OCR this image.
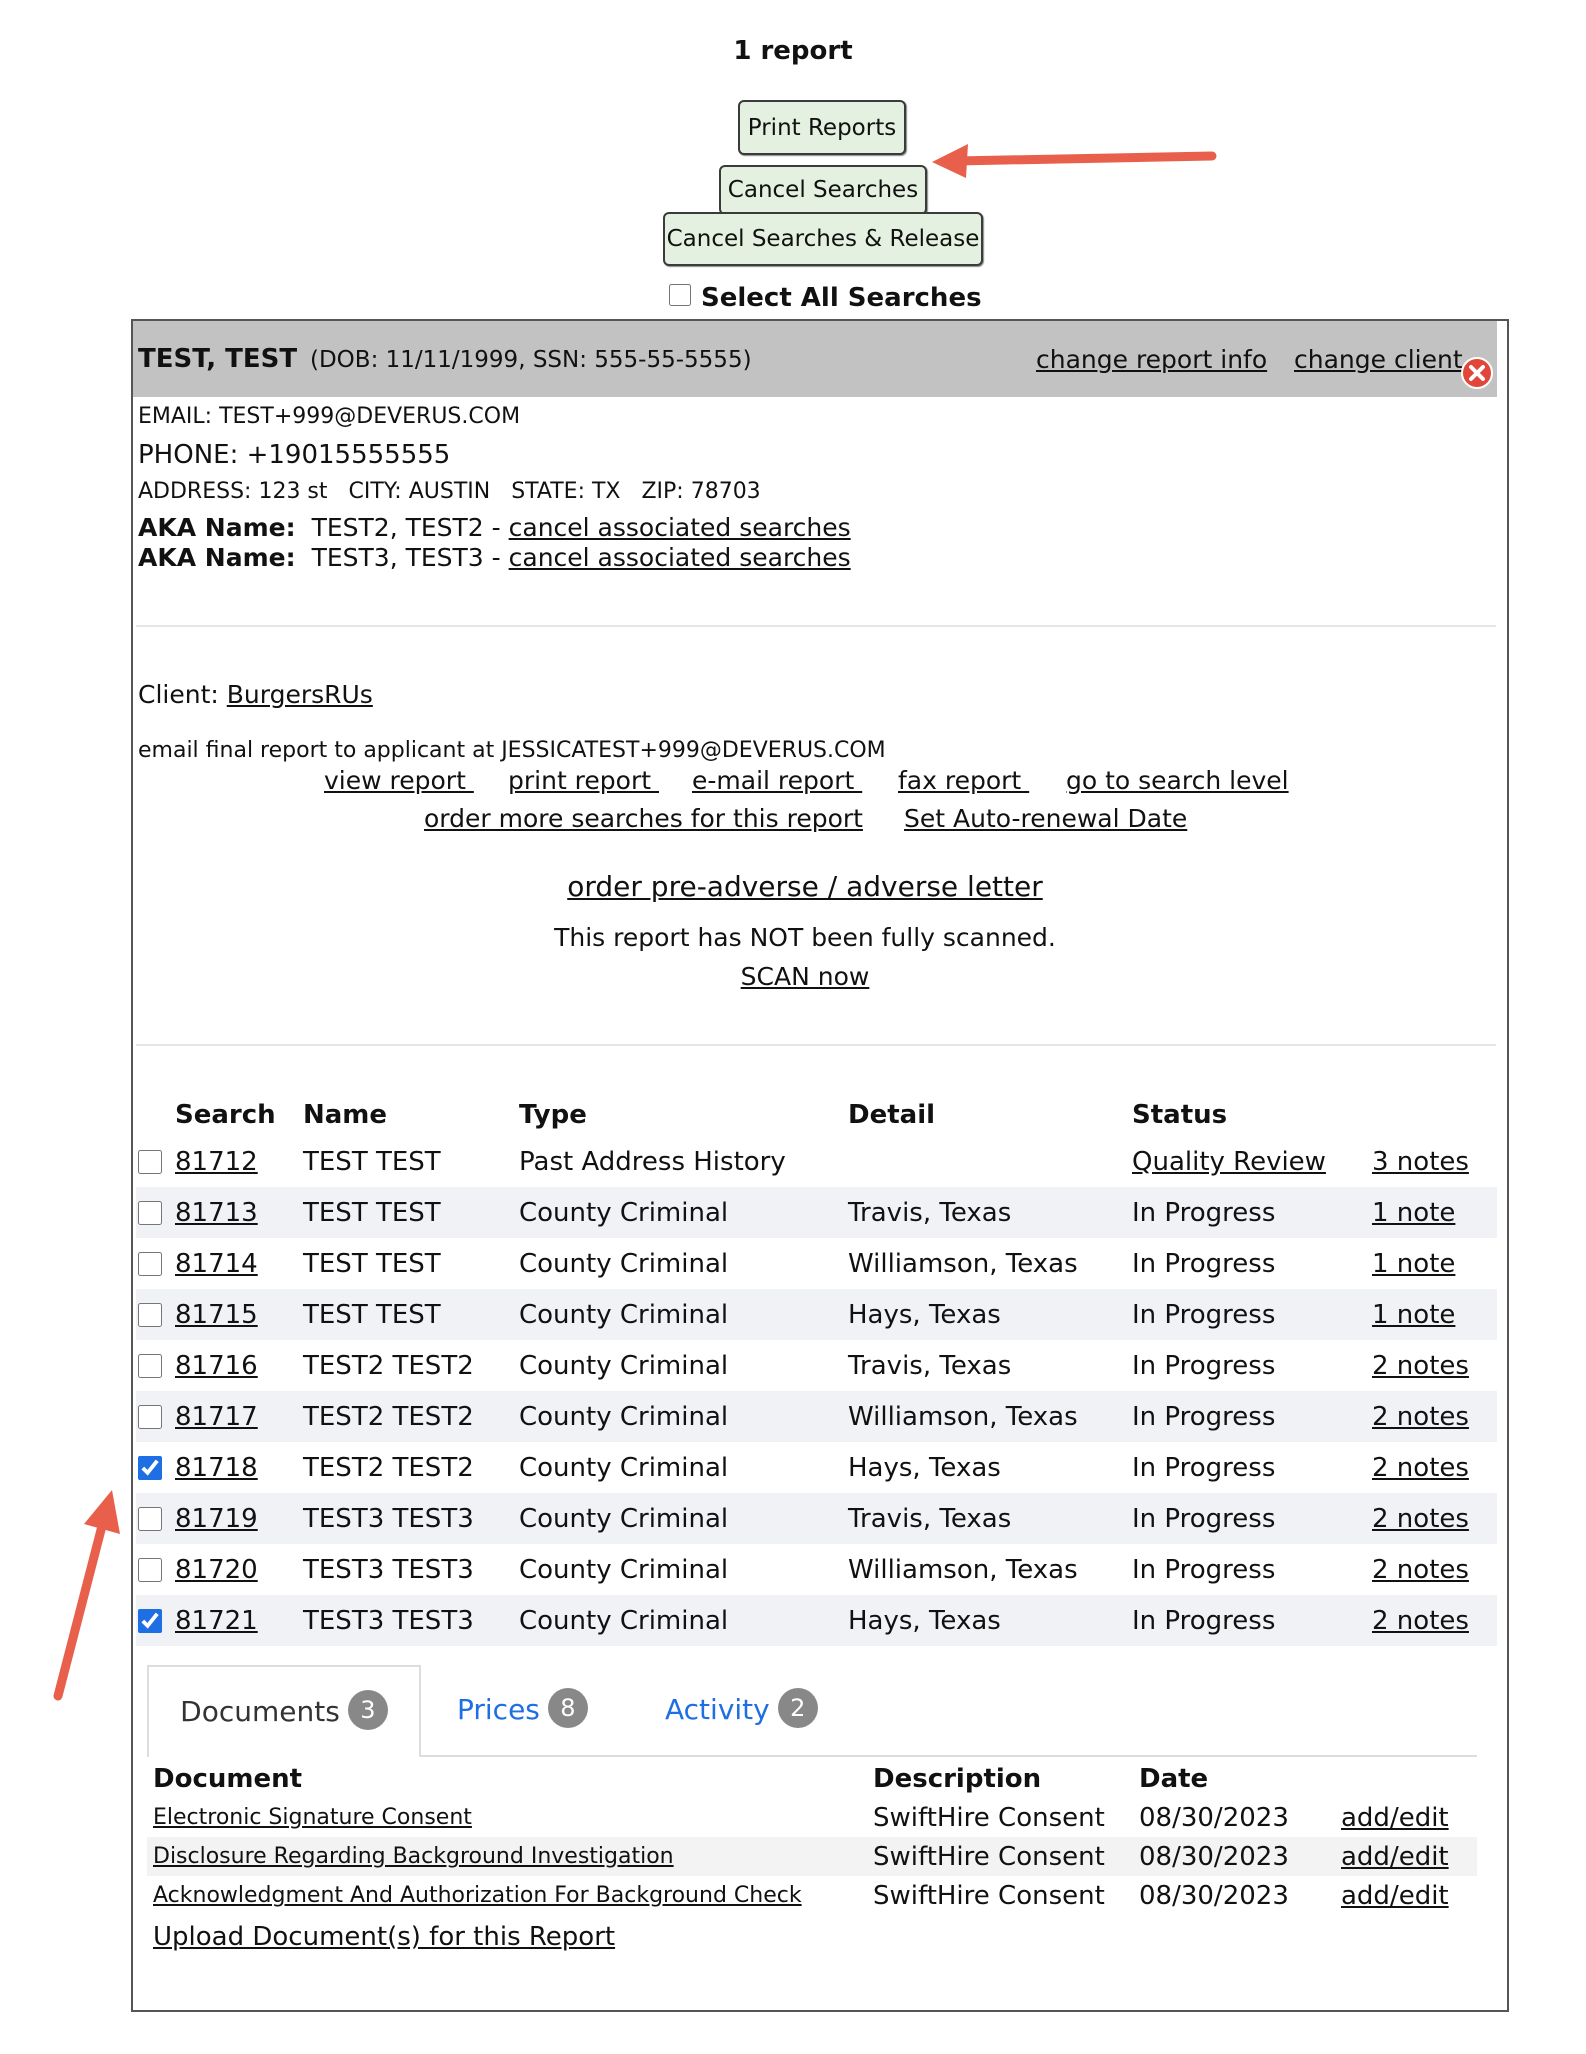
1 report
Print Reports
Cancel Searches
Cancel Searches & Release
Select All Searches
TEST, TEST (DOB: 11/11/1999, SSN: 555-55-5555)	change report info change client
EMAIL: TEST+999@DEVERUS.COM
PHONE: +19015555555
ADDRESS: 123 st   CITY: AUSTIN   STATE: TX   ZIP: 78703
AKA Name: TEST2, TEST2 - cancel associated searches
AKA Name: TEST3, TEST3 - cancel associated searches
Client: BurgersRUs
email final report to applicant at JESSICATEST+999@DEVERUS.COM
view report print report e-mail report fax report go to search level
order more searches for this report Set Auto-renewal Date
order pre-adverse / adverse letter
This report has NOT been fully scanned.
SCAN now
	Search	Name	Type	Detail	Status	
	81712	TEST TEST	Past Address History		Quality Review	3 notes
	81713	TEST TEST	County Criminal	Travis, Texas	In Progress	1 note
	81714	TEST TEST	County Criminal	Williamson, Texas	In Progress	1 note
	81715	TEST TEST	County Criminal	Hays, Texas	In Progress	1 note
	81716	TEST2 TEST2	County Criminal	Travis, Texas	In Progress	2 notes
	81717	TEST2 TEST2	County Criminal	Williamson, Texas	In Progress	2 notes
	81718	TEST2 TEST2	County Criminal	Hays, Texas	In Progress	2 notes
	81719	TEST3 TEST3	County Criminal	Travis, Texas	In Progress	2 notes
	81720	TEST3 TEST3	County Criminal	Williamson, Texas	In Progress	2 notes
	81721	TEST3 TEST3	County Criminal	Hays, Texas	In Progress	2 notes
Documents 3	Prices 8	Activity 2
Document	Description	Date	
Electronic Signature Consent	SwiftHire Consent	08/30/2023	add/edit
Disclosure Regarding Background Investigation	SwiftHire Consent	08/30/2023	add/edit
Acknowledgment And Authorization For Background Check	SwiftHire Consent	08/30/2023	add/edit
Upload Document(s) for this Report
